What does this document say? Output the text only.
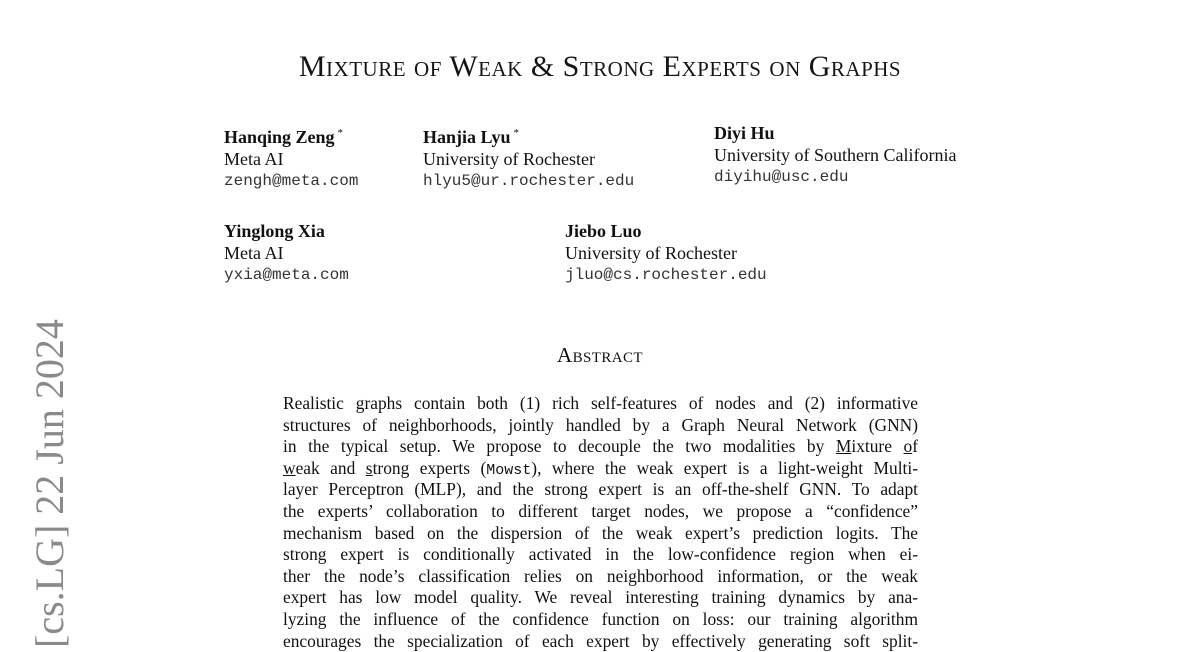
Mixture of Weak & Strong Experts on Graphs
Hanqing Zeng *
Meta AI
zengh@meta.com
Hanjia Lyu *
University of Rochester
hlyu5@ur.rochester.edu
Diyi Hu
University of Southern California
diyihu@usc.edu
Yinglong Xia
Meta AI
yxia@meta.com
Jiebo Luo
University of Rochester
jluo@cs.rochester.edu
[cs.LG] 22 Jun 2024	Abstract
Realistic graphs contain both (1) rich self-features of nodes and (2) informative
structures of neighborhoods, jointly handled by a Graph Neural Network (GNN)
in the typical setup. We propose to decouple the two modalities by Mixture of
weak and strong experts (Mowst), where the weak expert is a light-weight Multi-
layer Perceptron (MLP), and the strong expert is an off-the-shelf GNN. To adapt
the experts’ collaboration to different target nodes, we propose a “confidence”
mechanism based on the dispersion of the weak expert’s prediction logits. The
strong expert is conditionally activated in the low-confidence region when ei-
ther the node’s classification relies on neighborhood information, or the weak
expert has low model quality. We reveal interesting training dynamics by ana-
lyzing the influence of the confidence function on loss: our training algorithm
encourages the specialization of each expert by effectively generating soft split-
